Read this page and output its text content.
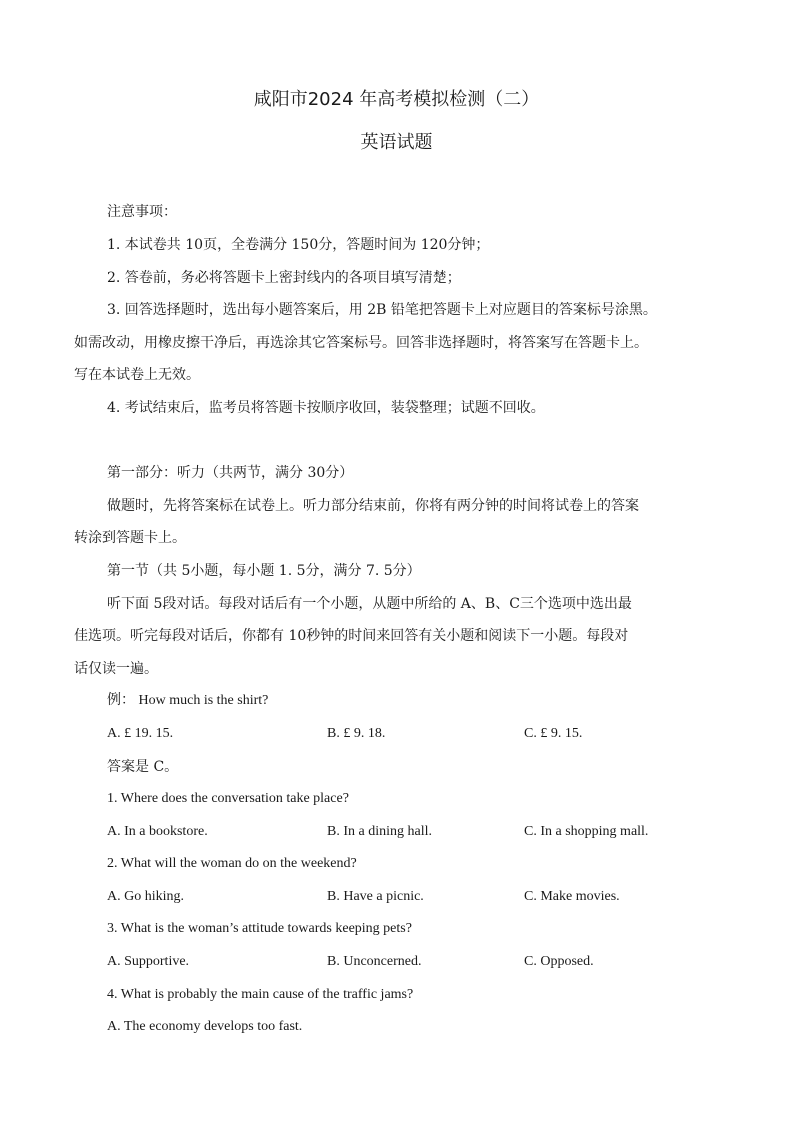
咸阳市2024 年高考模拟检测（二）
英语试题
注意事项：
1. 本试卷共 10页，全卷满分 150分，答题时间为 120分钟；
2. 答卷前，务必将答题卡上密封线内的各项目填写清楚；
3. 回答选择题时，选出每小题答案后，用 2B 铅笔把答题卡上对应题目的答案标号涂黑。
如需改动，用橡皮擦干净后，再选涂其它答案标号。回答非选择题时，将答案写在答题卡上。
写在本试卷上无效。
4. 考试结束后，监考员将答题卡按顺序收回，装袋整理；试题不回收。
第一部分：听力（共两节，满分 30分）
做题时，先将答案标在试卷上。听力部分结束前，你将有两分钟的时间将试卷上的答案
转涂到答题卡上。
第一节（共 5小题，每小题 1. 5分，满分 7. 5分）
听下面 5段对话。每段对话后有一个小题，从题中所给的 A、B、C三个选项中选出最
佳选项。听完每段对话后，你都有 10秒钟的时间来回答有关小题和阅读下一小题。每段对
话仅读一遍。
例： How much is the shirt?
A. £ 19. 15.	B. £ 9. 18.	C. £ 9. 15.
答案是 C。
1. Where does the conversation take place?
A. In a bookstore.	B. In a dining hall.	C. In a shopping mall.
2. What will the woman do on the weekend?
A. Go hiking.	B. Have a picnic.	C. Make movies.
3. What is the woman’s attitude towards keeping pets?
A. Supportive.	B. Unconcerned.	C. Opposed.
4. What is probably the main cause of the traffic jams?
A. The economy develops too fast.
